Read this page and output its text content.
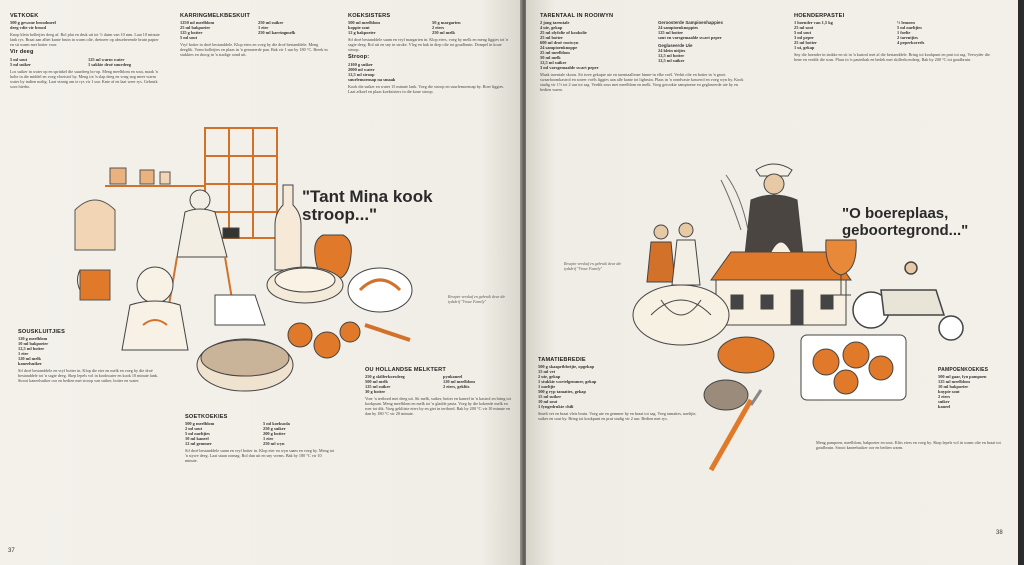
VETKOEK
500 g gewone broodmeel
deeg vdie vir brood
Knop klein bolletjies deeg af. Rol plat en druk uit tot ½ duim van 10 mm. Laat 10 minute lank rys. Braai aan albei kante bruin in warm olie, dreineer op absorberende bruin papier en sit warm met botter voor.
Vir deeg
5 ml sout
5 ml suiker
125 ml warm water
1 sakkie droë suurdeeg
Los suiker in water op en sprinkel die suurdeeg bo-op. Meng meelblom en sout, maak 'n holte in die middel en voeg vloeistof by. Meng tot 'n slap deeg en voeg nog meer warm water by indien nodig. Laat vinnig om te rys vir 1 uur. Knie af en laat weer rys. Gebruik soos hierbo.
KARRINGMELKBESKUIT
1250 ml meelblom
25 ml bakpoeier
125 g botter
5 ml sout
250 ml suiker
1 eier
250 ml karringmelk
Vryf botter in droë bestanddele. Klop eiers en voeg by die droë bestanddele. Meng deeglik. Vorm bolletjies en plaas in 'n gesmeerde pan. Bak vir 1 uur by 180 °C. Breek in stukkies en droog in 'n stadige oond uit.
KOEKSISTERS
500 ml meelblom
koppie sout
12 g bakpoeier
50 g margarien
2 eiers
250 ml melk
Sif droë bestanddele saam en vryf margarien in. Klop eiers, voeg by melk en meng liggies tot 'n sagte deeg. Rol uit en sny in stroke. Vleg en bak in diep olie tot goudbruin. Dompel in koue stroop.
Stroop:
2100 g suiker
2000 ml water
12,5 ml stroop
suurlemoensap na smaak
Kook die suiker en water 15 minute lank. Voeg die stroop en suurlemoensap by. Roer liggies. Laat afkoel en plaas koeksisters in die koue stroop.
"Tant Mina kook stroop..."
Resepte verskaf en gebruik deur die tydskrif "Vroue Family"
SOUSKLUITJIES
120 g meelblom
10 ml bakpoeier
12,5 ml botter
1 eier
120 ml melk
kaneelsuiker
Sif droë bestanddele en vryf botter in. Klop die eier en melk en voeg by die droë bestanddele tot 'n sagte deeg. Skep lepels vol in kookwater en kook 10 minute lank. Strooi kaneelsuiker oor en bedien met stroop van suiker, botter en water.
SOETKOEKIES
500 g meelblom
2 ml sout
5 ml naeltjies
10 ml kaneel
12 ml gemmer
5 ml koeksoda
250 g suiker
200 g botter
1 eier
250 ml wyn
Sif droë bestanddele saam en vryf botter in. Klop eier en wyn saam en voeg by. Meng tot 'n stywe deeg. Laat staan oornag. Rol dun uit en sny vorms. Bak by 180 °C vir 10 minute.
OU HOLLANDSE MELKTERT
250 g skilferkorsdeeg
500 ml melk
125 ml suiker
30 g botter
pynkaneel
120 ml meelblom
2 eiers, geklits
Voer 'n tertbord met deeg uit. Sit melk, suiker, botter en kaneel in 'n kastrol en bring tot kookpunt. Meng meelblom en melk tot 'n gladde pasta. Voeg by die kokende melk en roer tot dik. Voeg geklitste eiers by en giet in tertbord. Bak by 200 °C vir 10 minute en dan by 180 °C vir 20 minute.
37
TARENTAAL IN ROOIWYN
2 jong tarentale
4 uie, gekap
25 ml olyfolie of kookolie
25 ml botter
600 ml droë rooiwyn
24 sampioenknoppe
25 ml meelblom
50 ml melk
12,5 ml suiker
3 ml varsgemaalde swart peper
Geroosterde Sampioenhappies
24 sampioenknoppies
125 ml botter
sout en varsgemaalde swart peper
Geglaseerde Uie
24 klein uitjies
12,5 ml botter
12,5 ml suiker
Maak tarentale skoon. Sit twee gekapte uie en tarentaalleuer binne-in elke voël. Verhit olie en botter in 'n groot swaarboomkastrol en soteer voëls liggies aan alle kante tot ligbruin. Plaas in 'n oondvaste kasserol en voeg wyn by. Kook stadig vir 1½ tot 2 uur tot sag. Verdik sous met meelblom en melk. Voeg gerookte sampioene en geglaseerde uie by en bedien warm.
HOENDERPASTEI
1 hoender van 1,5 kg
25 ml sout
5 ml sout
3 ml peper
25 ml botter
1 ui, gekap
½ lemoen
5 ml naeltjies
1 foelie
2 tarentjies
4 peperkorrels
Sny die hoender in stukke en sit in 'n kastrol met al die bestanddele. Bring tot kookpunt en prut tot sag. Verwyder die bene en verdik die sous. Plaas in 'n pasteibak en bedek met skilferkorsdeeg. Bak by 200 °C tot goudbruin.
"O boereplaas, geboortegrond..."
Resepte verskaf en gebruik deur die tydskrif "Vroue Family"
TAMATIEBREDIE
500 g skaapribbetjie, opgekap
15 ml vet
2 uie, gekap
1 stukkie wortelgemmer, gekap
1 naeltjie
500 g ryp tamaties, gekap
15 ml suiker
10 ml sout
1 fyngedrukte chili
Smelt vet en braai vleis bruin. Voeg uie en gemmer by en braai tot sag. Voeg tamaties, naeltjie, suiker en sout by. Bring tot kookpunt en prut stadig vir 2 uur. Bedien met rys.
PAMPOENKOEKIES
500 ml gaar, fyn pampoen
125 ml meelblom
10 ml bakpoeier
knypie sout
2 eiers
suiker
kaneel
Meng pampoen, meelblom, bakpoeier en sout. Klits eiers en voeg by. Skep lepels vol in warm olie en braai tot goudbruin. Strooi kaneelsuiker oor en bedien warm.
38
